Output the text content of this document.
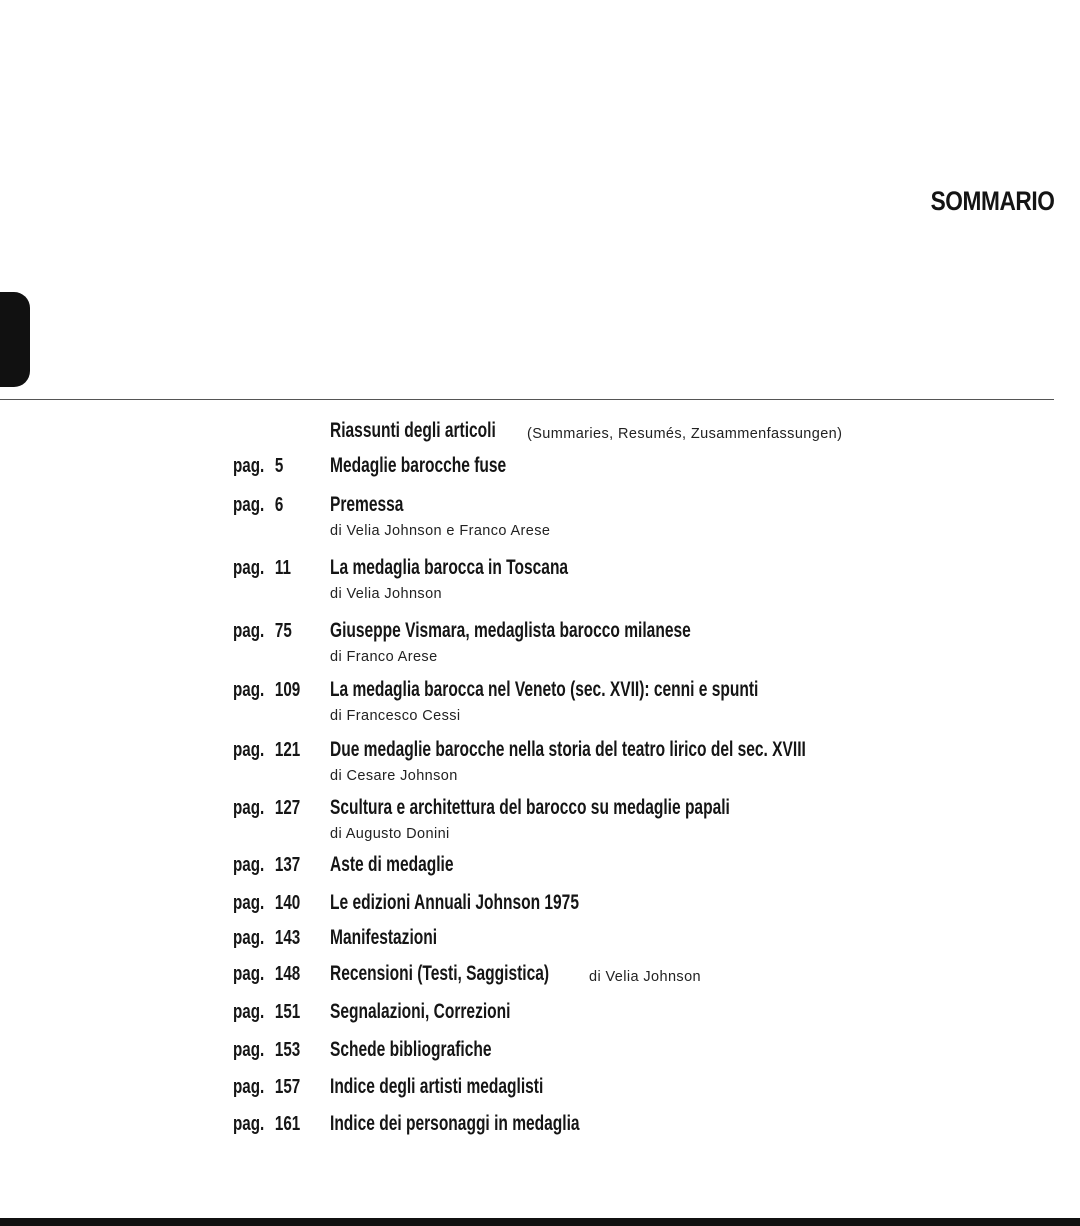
SOMMARIO
Riassunti degli articoli (Summaries, Resumés, Zusammenfassungen)
pag. 5	Medaglie barocche fuse
pag. 6	Premessa
di Velia Johnson e Franco Arese
pag. 11	La medaglia barocca in Toscana
di Velia Johnson
pag. 75	Giuseppe Vismara, medaglista barocco milanese
di Franco Arese
pag. 109 La medaglia barocca nel Veneto (sec. XVII): cenni e spunti
di Francesco Cessi
pag. 121 Due medaglie barocche nella storia del teatro lirico del sec. XVIII
di Cesare Johnson
pag. 127 Scultura e architettura del barocco su medaglie papali
di Augusto Donini
pag. 137 Aste di medaglie
pag. 140 Le edizioni Annuali Johnson 1975
pag. 143 Manifestazioni
pag. 148 Recensioni (Testi, Saggistica)	di Velia Johnson
pag. 151 Segnalazioni, Correzioni
pag. 153 Schede bibliografiche
pag. 157 Indice degli artisti medaglisti
pag. 161 Indice dei personaggi in medaglia
